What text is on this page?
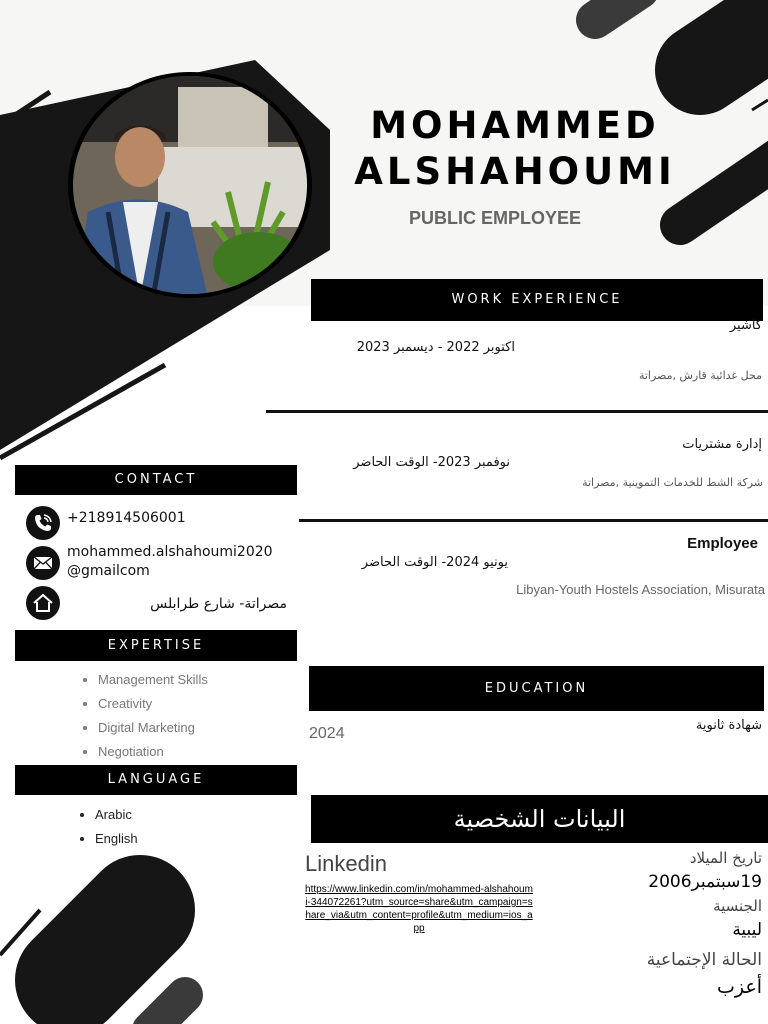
MOHAMMED
ALSHAHOUMI
PUBLIC EMPLOYEE
WORK EXPERIENCE
كاشير
اكتوبر 2022 - ديسمبر 2023
محل غدائية قارش ,مصراتة
إدارة مشتريات
نوفمبر 2023- الوقت الحاضر
شركة الشط للخدمات التموينية ,مصراتة
Employee
يونيو 2024- الوقت الحاضر
Libyan-Youth Hostels Association, Misurata
EDUCATION
شهادة ثانوية
2024
البيانات الشخصية
Linkedin
https://www.linkedin.com/in/mohammed-alshahoumi-344072261?utm_source=share&utm_campaign=share_via&utm_content=profile&utm_medium=ios_app
تاريخ الميلاد
19سبتمبر2006
الجنسية
ليبية
الحالة الإجتماعية
أعزب
CONTACT
+218914506001
mohammed.alshahoumi2020
@gmailcom
مصراتة- شارع طرابلس
EXPERTISE
• Management Skills
• Creativity
• Digital Marketing
• Negotiation
LANGUAGE
• Arabic
• English
